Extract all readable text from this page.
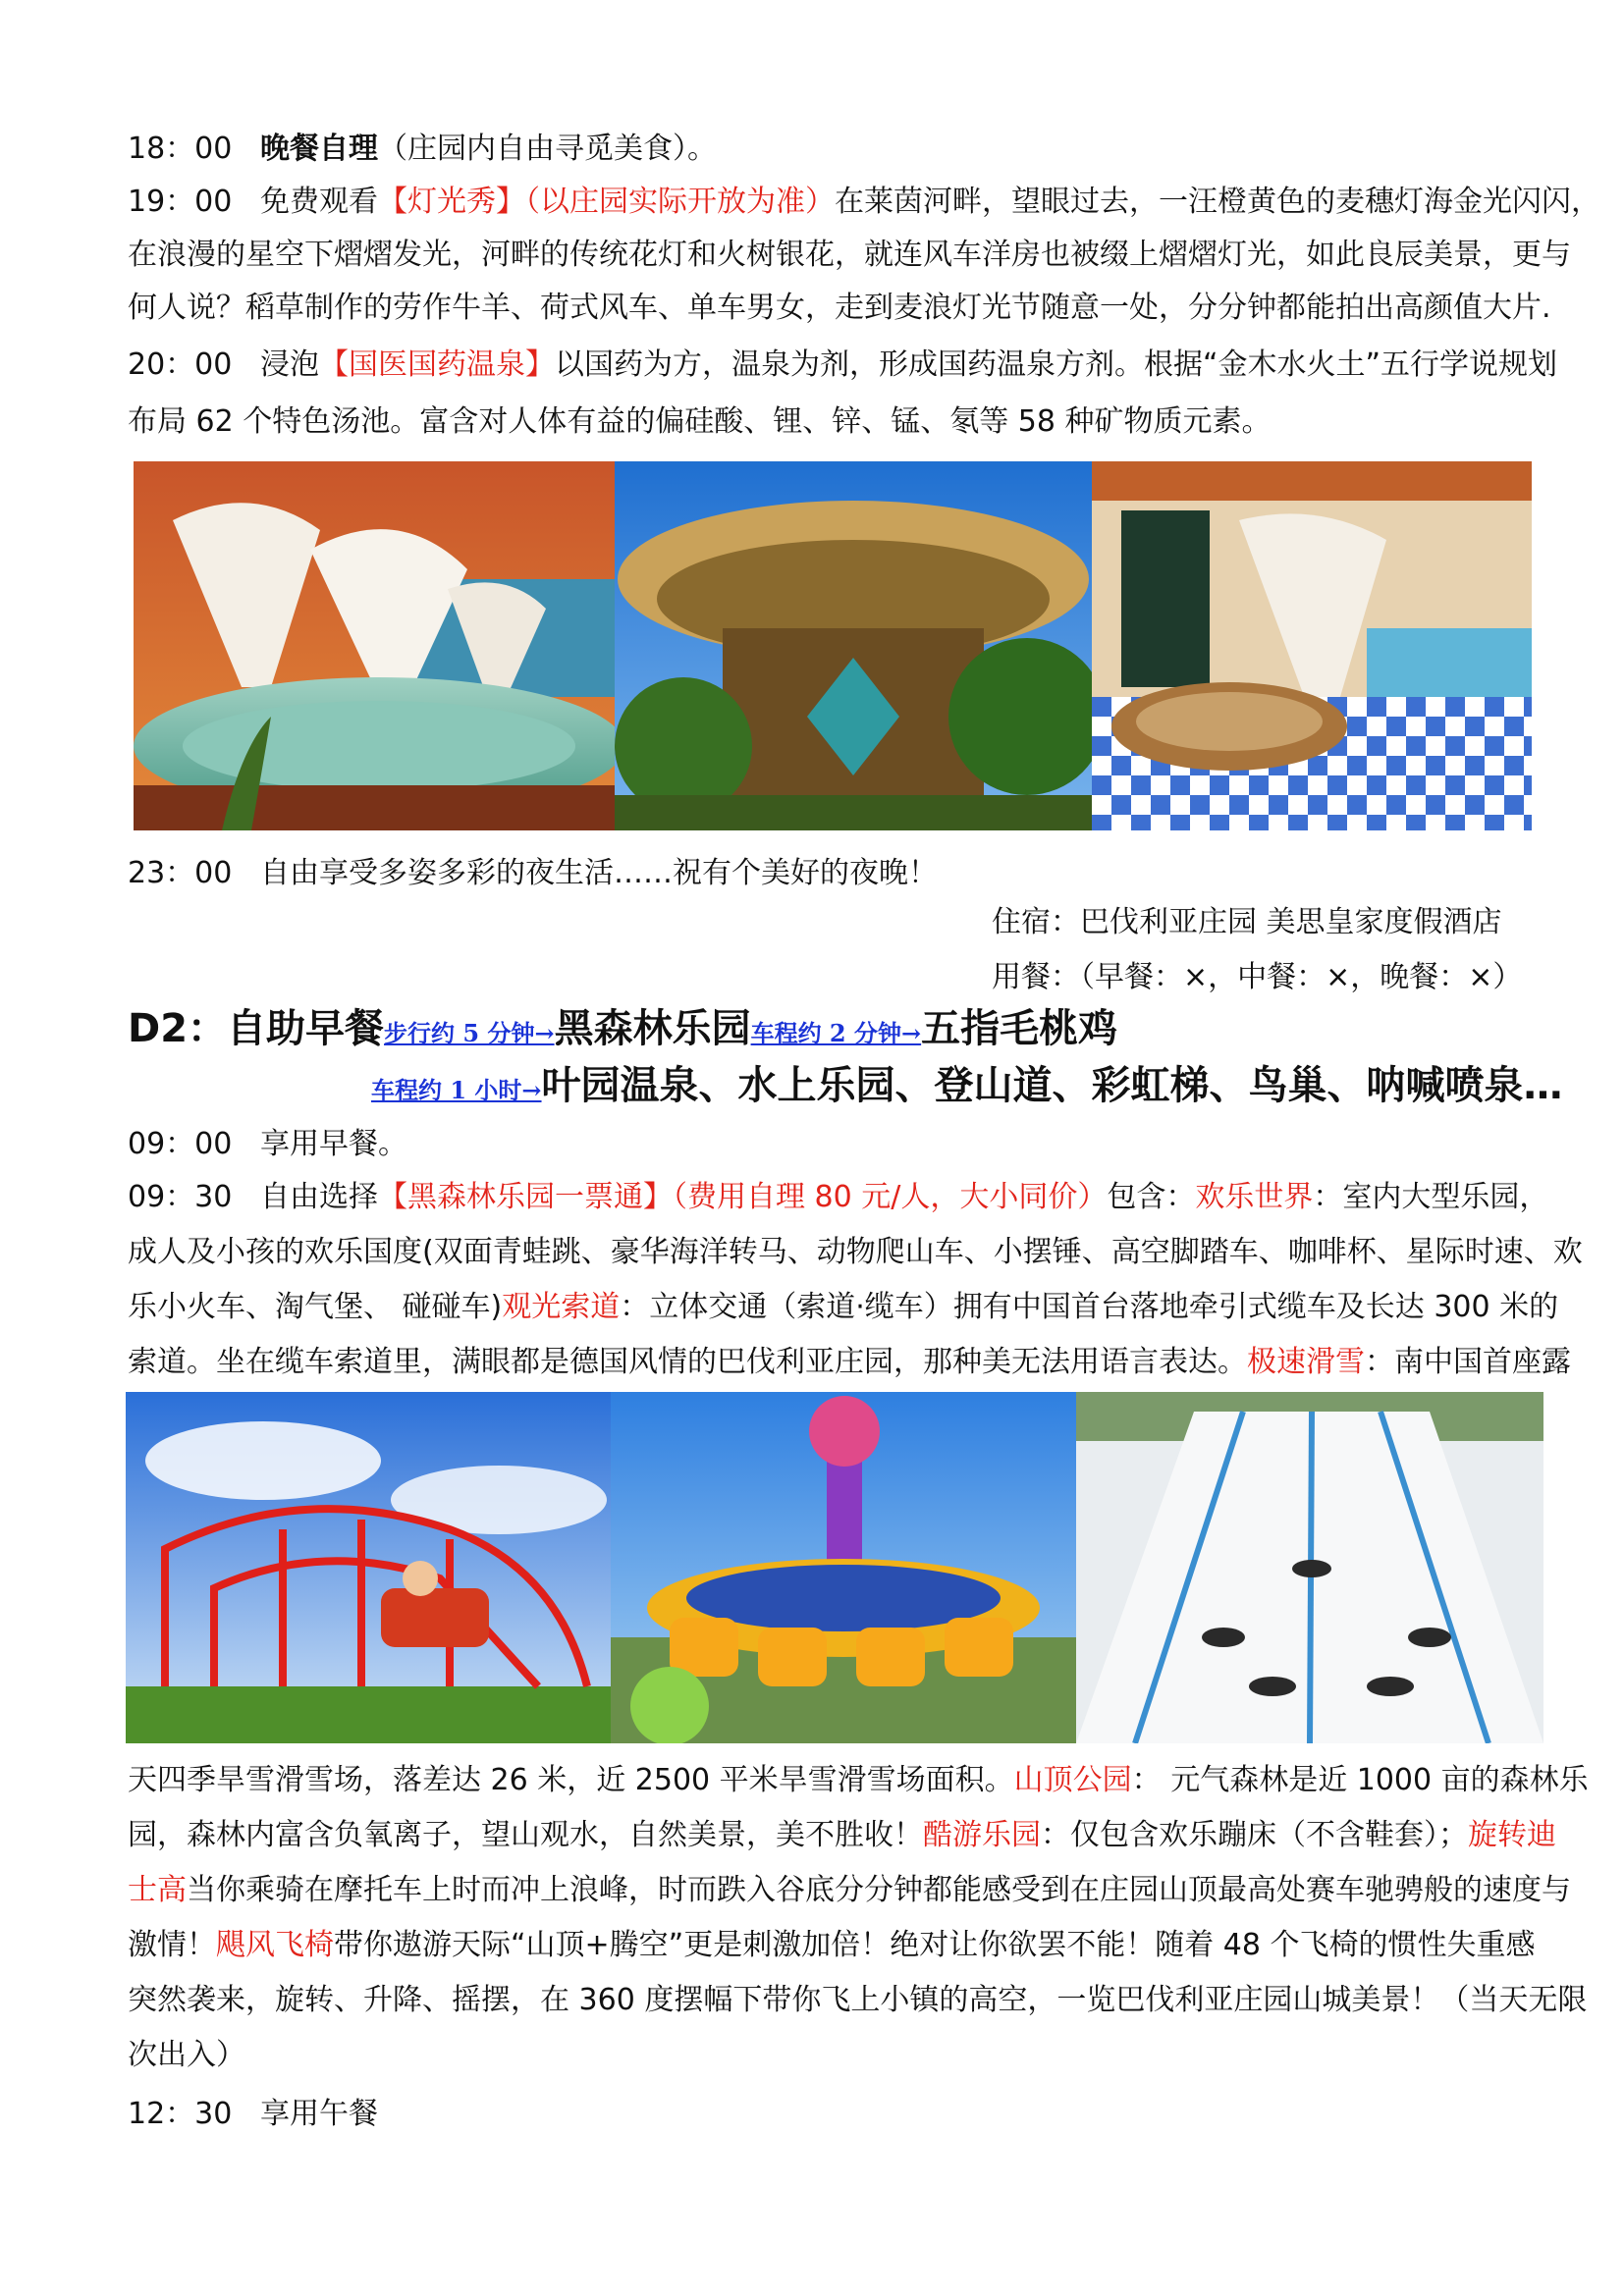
18：00 晚餐自理（庄园内自由寻觅美食）。
19：00 免费观看【灯光秀】（以庄园实际开放为准）在莱茵河畔，望眼过去，一汪橙黄色的麦穗灯海金光闪闪，
在浪漫的星空下熠熠发光，河畔的传统花灯和火树银花，就连风车洋房也被缀上熠熠灯光，如此良辰美景，更与
何人说？稻草制作的劳作牛羊、荷式风车、单车男女，走到麦浪灯光节随意一处，分分钟都能拍出高颜值大片.
20：00 浸泡【国医国药温泉】以国药为方，温泉为剂，形成国药温泉方剂。根据“金木水火土”五行学说规划
布局 62 个特色汤池。富含对人体有益的偏硅酸、锂、锌、锰、氡等 58 种矿物质元素。
23：00 自由享受多姿多彩的夜生活……祝有个美好的夜晚！
住宿：巴伐利亚庄园 美思皇家度假酒店
用餐：（早餐：×，中餐：×，晚餐：×）
D2：自助早餐步行约 5 分钟→黑森林乐园车程约 2 分钟→五指毛桃鸡
车程约 1 小时→叶园温泉、水上乐园、登山道、彩虹梯、鸟巢、呐喊喷泉…
09：00 享用早餐。
09：30 自由选择【黑森林乐园一票通】（费用自理 80 元/人，大小同价）包含：欢乐世界：室内大型乐园，
成人及小孩的欢乐国度(双面青蛙跳、豪华海洋转马、动物爬山车、小摆锤、高空脚踏车、咖啡杯、星际时速、欢
乐小火车、淘气堡、 碰碰车)观光索道：立体交通（索道·缆车）拥有中国首台落地牵引式缆车及长达 300 米的
索道。坐在缆车索道里，满眼都是德国风情的巴伐利亚庄园，那种美无法用语言表达。极速滑雪：南中国首座露
天四季旱雪滑雪场，落差达 26 米，近 2500 平米旱雪滑雪场面积。山顶公园： 元气森林是近 1000 亩的森林乐
园，森林内富含负氧离子，望山观水，自然美景，美不胜收！酷游乐园：仅包含欢乐蹦床（不含鞋套）；旋转迪
士高当你乘骑在摩托车上时而冲上浪峰，时而跌入谷底分分钟都能感受到在庄园山顶最高处赛车驰骋般的速度与
激情！飓风飞椅带你遨游天际“山顶+腾空”更是刺激加倍！绝对让你欲罢不能！随着 48 个飞椅的惯性失重感
突然袭来，旋转、升降、摇摆，在 360 度摆幅下带你飞上小镇的高空，一览巴伐利亚庄园山城美景！（当天无限
次出入）
12：30 享用午餐
